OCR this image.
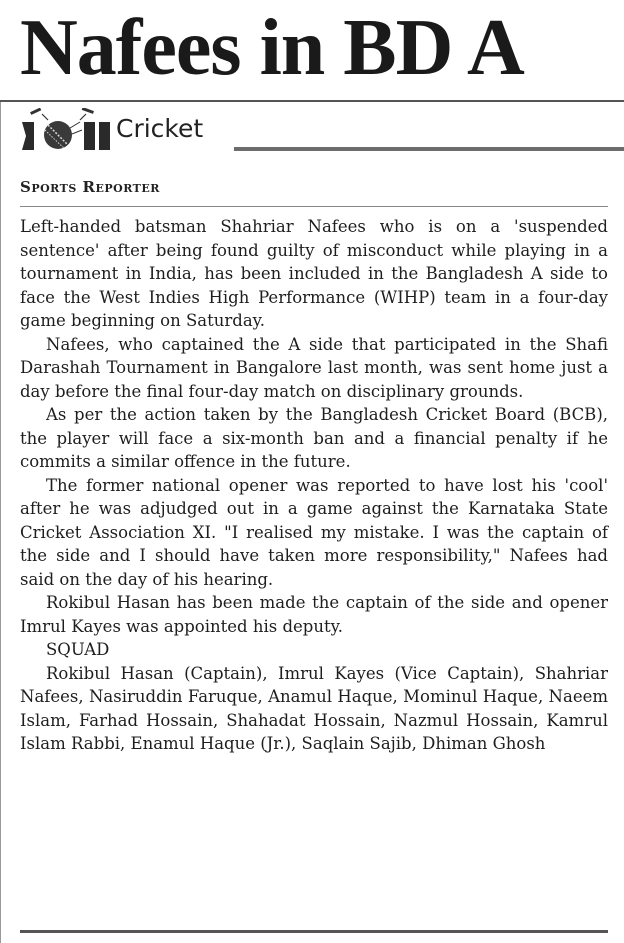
Nafees in BD A
Cricket
Sports Reporter

Left-handed batsman Shahriar Nafees who is on a 'suspended sentence' after being found guilty of misconduct while playing in a tournament in India, has been included in the Bangladesh A side to face the West Indies High Performance (WIHP) team in a four-day game beginning on Saturday.

Nafees, who captained the A side that participated in the Shafi Darashah Tournament in Bangalore last month, was sent home just a day before the final four-day match on disciplinary grounds.

As per the action taken by the Bangladesh Cricket Board (BCB), the player will face a six-month ban and a financial penalty if he commits a similar offence in the future.

The former national opener was reported to have lost his 'cool' after he was adjudged out in a game against the Karnataka State Cricket Association XI. "I realised my mistake. I was the captain of the side and I should have taken more responsibility," Nafees had said on the day of his hearing.

Rokibul Hasan has been made the captain of the side and opener Imrul Kayes was appointed his deputy.

SQUAD

Rokibul Hasan (Captain), Imrul Kayes (Vice Captain), Shahriar Nafees, Nasiruddin Faruque, Anamul Haque, Mominul Haque, Naeem Islam, Farhad Hossain, Shahadat Hossain, Nazmul Hossain, Kamrul Islam Rabbi, Enamul Haque (Jr.), Saqlain Sajib, Dhiman Ghosh
